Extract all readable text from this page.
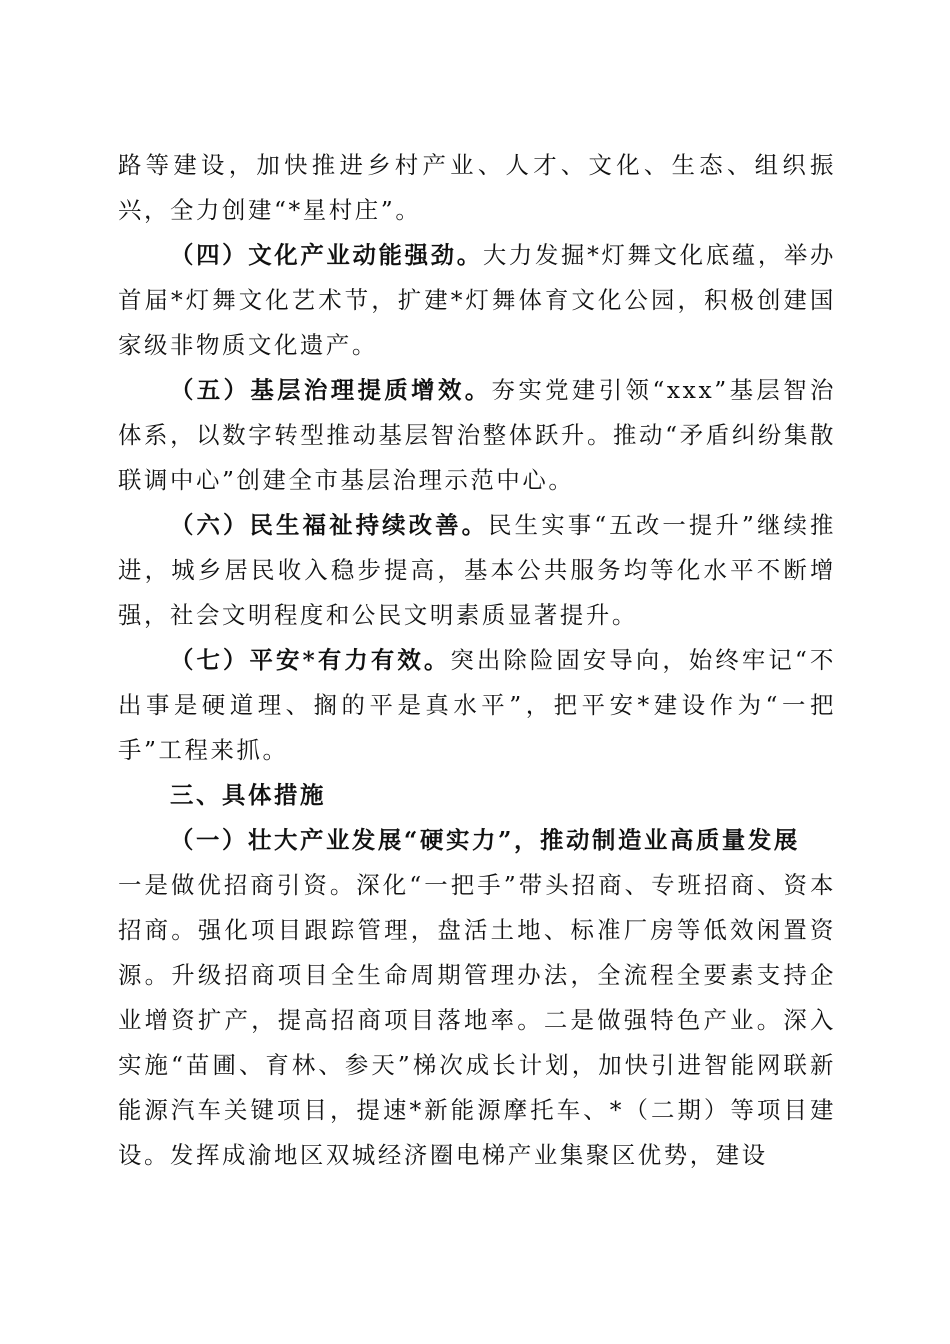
路等建设，加快推进乡村产业、人才、文化、生态、组织振兴，全力创建“*星村庄”。

（四）文化产业动能强劲。大力发掘*灯舞文化底蕴，举办首届*灯舞文化艺术节，扩建*灯舞体育文化公园，积极创建国家级非物质文化遗产。

（五）基层治理提质增效。夯实党建引领“xxx”基层智治体系，以数字转型推动基层智治整体跃升。推动“矛盾纠纷集散联调中心”创建全市基层治理示范中心。

（六）民生福祉持续改善。民生实事“五改一提升”继续推进，城乡居民收入稳步提高，基本公共服务均等化水平不断增强，社会文明程度和公民文明素质显著提升。

（七）平安*有力有效。突出除险固安导向，始终牢记“不出事是硬道理、搁的平是真水平”，把平安*建设作为“一把手”工程来抓。

三、具体措施

（一）壮大产业发展“硬实力”，推动制造业高质量发展

一是做优招商引资。深化“一把手”带头招商、专班招商、资本招商。强化项目跟踪管理，盘活土地、标准厂房等低效闲置资源。升级招商项目全生命周期管理办法，全流程全要素支持企业增资扩产，提高招商项目落地率。二是做强特色产业。深入实施“苗圃、育林、参天”梯次成长计划，加快引进智能网联新能源汽车关键项目，提速*新能源摩托车、*（二期）等项目建设。发挥成渝地区双城经济圈电梯产业集聚区优势，建设
